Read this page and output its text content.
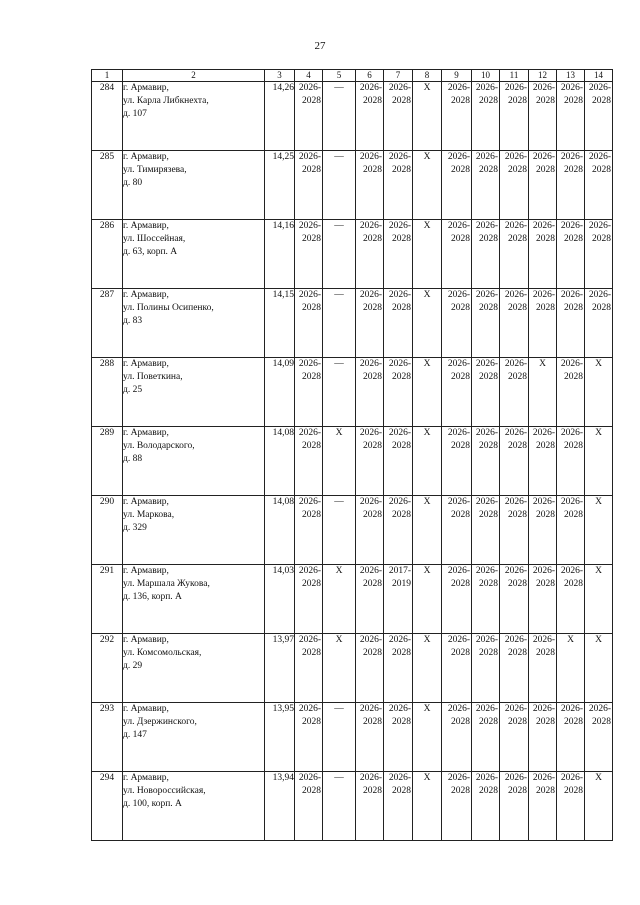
27
1	2	3	4	5	6	7	8	9	10	11	12	13	14
284	г. Армавир,
ул. Карла Либкнехта,
д. 107	14,26	2026-
2028	—	2026-
2028	2026-
2028	X	2026-
2028	2026-
2028	2026-
2028	2026-
2028	2026-
2028	2026-
2028

285	г. Армавир,
ул. Тимирязева,
д. 80	14,25	2026-
2028	—	2026-
2028	2026-
2028	X	2026-
2028	2026-
2028	2026-
2028	2026-
2028	2026-
2028	2026-
2028

286	г. Армавир,
ул. Шоссейная,
д. 63, корп. А	14,16	2026-
2028	—	2026-
2028	2026-
2028	X	2026-
2028	2026-
2028	2026-
2028	2026-
2028	2026-
2028	2026-
2028

287	г. Армавир,
ул. Полины Осипенко,
д. 83	14,15	2026-
2028	—	2026-
2028	2026-
2028	X	2026-
2028	2026-
2028	2026-
2028	2026-
2028	2026-
2028	2026-
2028

288	г. Армавир,
ул. Поветкина,
д. 25	14,09	2026-
2028	—	2026-
2028	2026-
2028	X	2026-
2028	2026-
2028	2026-
2028	X	2026-
2028	X

289	г. Армавир,
ул. Володарского,
д. 88	14,08	2026-
2028	X	2026-
2028	2026-
2028	X	2026-
2028	2026-
2028	2026-
2028	2026-
2028	2026-
2028	X

290	г. Армавир,
ул. Маркова,
д. 329	14,08	2026-
2028	—	2026-
2028	2026-
2028	X	2026-
2028	2026-
2028	2026-
2028	2026-
2028	2026-
2028	X

291	г. Армавир,
ул. Маршала Жукова,
д. 136, корп. А	14,03	2026-
2028	X	2026-
2028	2017-
2019	X	2026-
2028	2026-
2028	2026-
2028	2026-
2028	2026-
2028	X

292	г. Армавир,
ул. Комсомольская,
д. 29	13,97	2026-
2028	X	2026-
2028	2026-
2028	X	2026-
2028	2026-
2028	2026-
2028	2026-
2028	X	X

293	г. Армавир,
ул. Дзержинского,
д. 147	13,95	2026-
2028	—	2026-
2028	2026-
2028	X	2026-
2028	2026-
2028	2026-
2028	2026-
2028	2026-
2028	2026-
2028

294	г. Армавир,
ул. Новороссийская,
д. 100, корп. А	13,94	2026-
2028	—	2026-
2028	2026-
2028	X	2026-
2028	2026-
2028	2026-
2028	2026-
2028	2026-
2028	X
